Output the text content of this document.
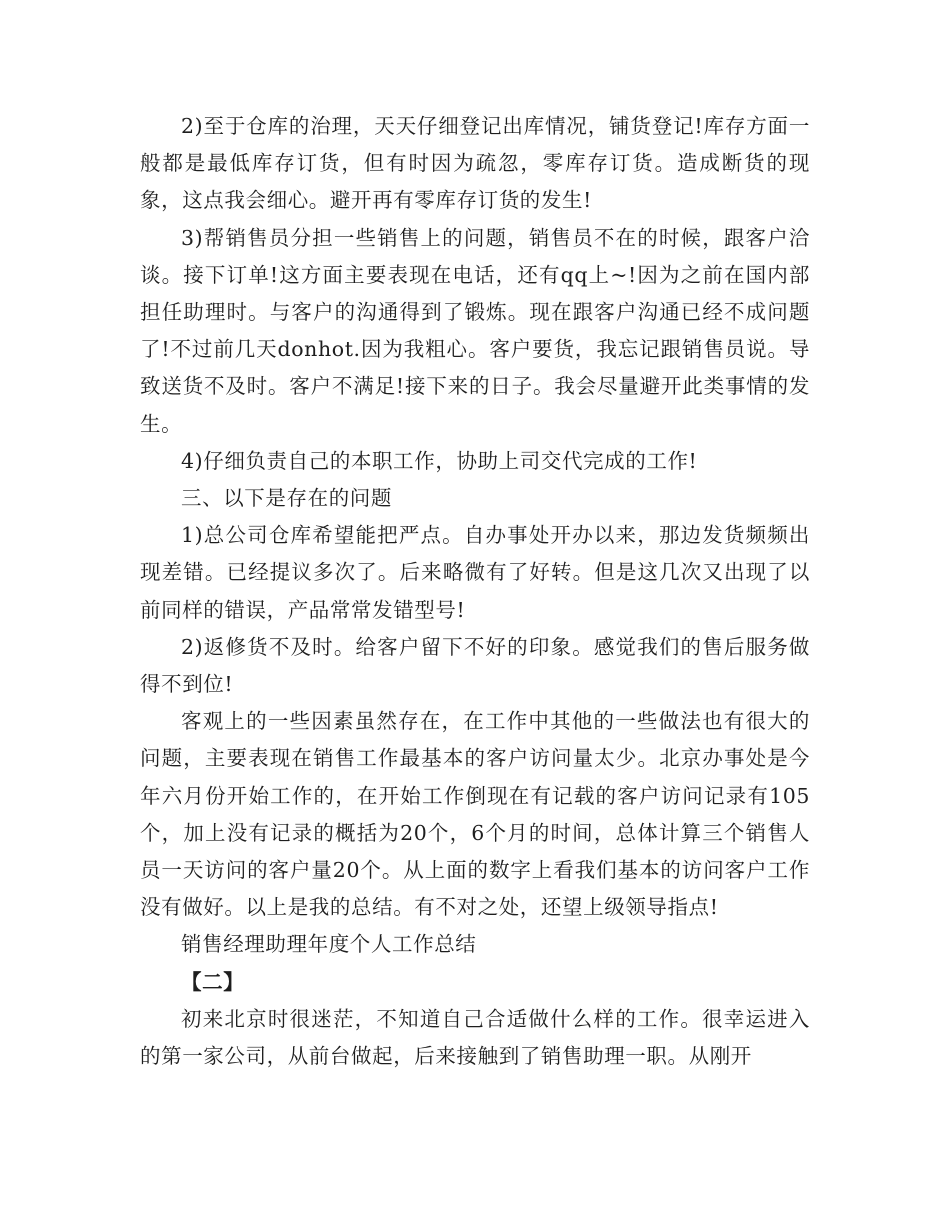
2)至于仓库的治理，天天仔细登记出库情况，铺货登记!库存方面一般都是最低库存订货，但有时因为疏忽，零库存订货。造成断货的现象，这点我会细心。避开再有零库存订货的发生!

3)帮销售员分担一些销售上的问题，销售员不在的时候，跟客户洽谈。接下订单!这方面主要表现在电话，还有qq上~!因为之前在国内部担任助理时。与客户的沟通得到了锻炼。现在跟客户沟通已经不成问题了!不过前几天donhot.因为我粗心。客户要货，我忘记跟销售员说。导致送货不及时。客户不满足!接下来的日子。我会尽量避开此类事情的发生。

4)仔细负责自己的本职工作，协助上司交代完成的工作!

三、以下是存在的问题

1)总公司仓库希望能把严点。自办事处开办以来，那边发货频频出现差错。已经提议多次了。后来略微有了好转。但是这几次又出现了以前同样的错误，产品常常发错型号!

2)返修货不及时。给客户留下不好的印象。感觉我们的售后服务做得不到位!

客观上的一些因素虽然存在，在工作中其他的一些做法也有很大的问题，主要表现在销售工作最基本的客户访问量太少。北京办事处是今年六月份开始工作的，在开始工作倒现在有记载的客户访问记录有105个，加上没有记录的概括为20个，6个月的时间，总体计算三个销售人员一天访问的客户量20个。从上面的数字上看我们基本的访问客户工作没有做好。以上是我的总结。有不对之处，还望上级领导指点!

销售经理助理年度个人工作总结

【二】

初来北京时很迷茫，不知道自己合适做什么样的工作。很幸运进入的第一家公司，从前台做起，后来接触到了销售助理一职。从刚开
